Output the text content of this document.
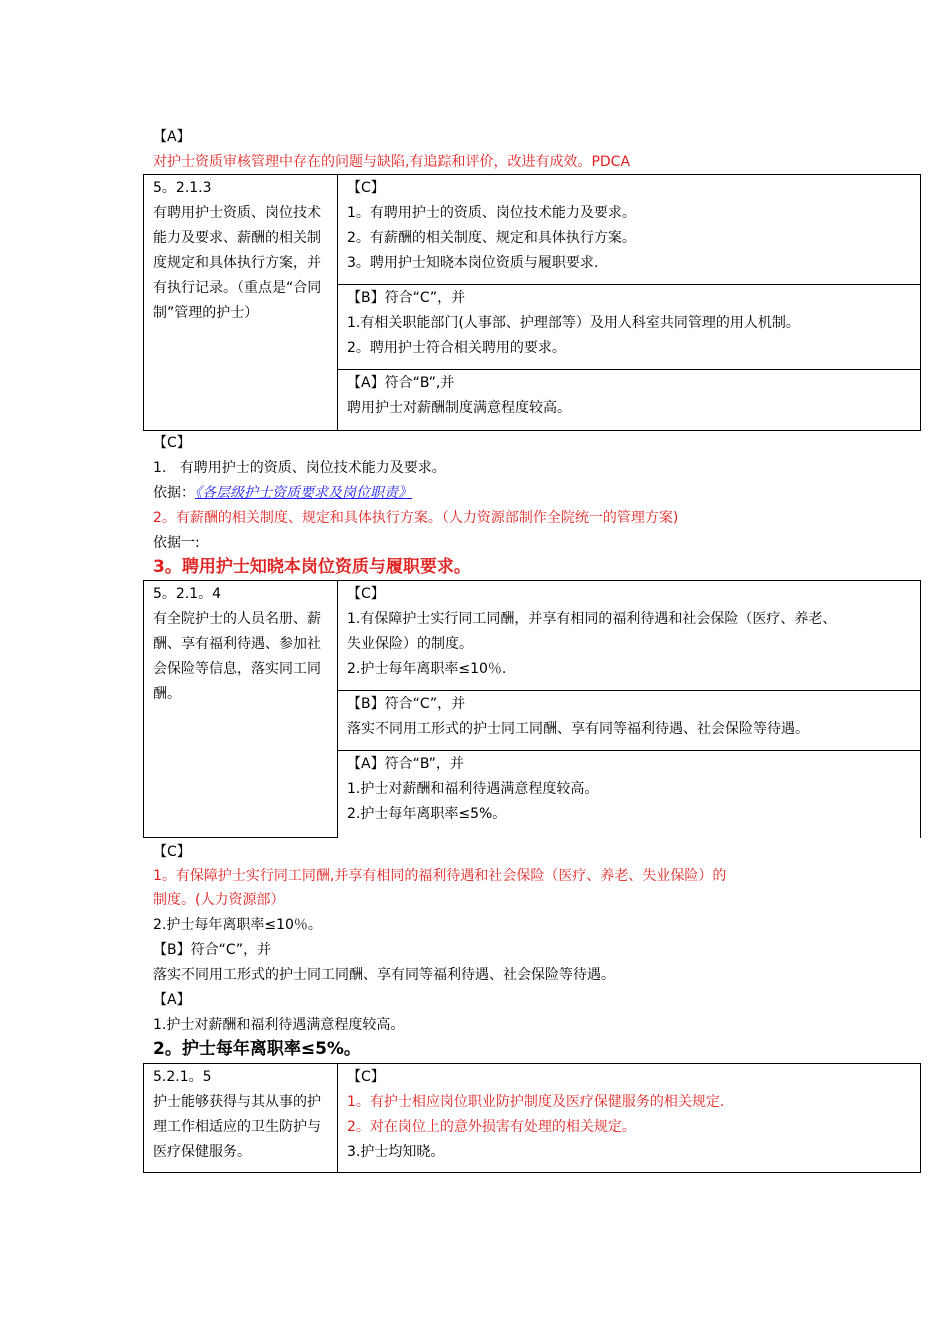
【A】
对护士资质审核管理中存在的问题与缺陷,有追踪和评价，改进有成效。PDCA
5。2.1.3
有聘用护士资质、岗位技术能力及要求、薪酬的相关制度规定和具体执行方案，并有执行记录。（重点是“合同制”管理的护士）
【C】
1。有聘用护士的资质、岗位技术能力及要求。
2。有薪酬的相关制度、规定和具体执行方案。
3。聘用护士知晓本岗位资质与履职要求.
【B】符合“C”，并
1.有相关职能部门(人事部、护理部等）及用人科室共同管理的用人机制。
2。聘用护士符合相关聘用的要求。
【A】符合“B”,并
聘用护士对薪酬制度满意程度较高。
【C】
1.   有聘用护士的资质、岗位技术能力及要求。
依据：《各层级护士资质要求及岗位职责》
2。有薪酬的相关制度、规定和具体执行方案。（人力资源部制作全院统一的管理方案)
依据一:
3。聘用护士知晓本岗位资质与履职要求。
5。2.1。4
有全院护士的人员名册、薪酬、享有福利待遇、参加社会保险等信息，落实同工同酬。
【C】
1.有保障护士实行同工同酬，并享有相同的福利待遇和社会保险（医疗、养老、
失业保险）的制度。
2.护士每年离职率≤10％.
【B】符合“C”，并
落实不同用工形式的护士同工同酬、享有同等福利待遇、社会保险等待遇。
【A】符合“B”，并
1.护士对薪酬和福利待遇满意程度较高。
2.护士每年离职率≤5%。
【C】
1。有保障护士实行同工同酬,并享有相同的福利待遇和社会保险（医疗、养老、失业保险）的
制度。(人力资源部）
2.护士每年离职率≤10％。
【B】符合“C”，并
落实不同用工形式的护士同工同酬、享有同等福利待遇、社会保险等待遇。
【A】
1.护士对薪酬和福利待遇满意程度较高。
2。护士每年离职率≤5%。
5.2.1。5
护士能够获得与其从事的护理工作相适应的卫生防护与医疗保健服务。
【C】
1。有护士相应岗位职业防护制度及医疗保健服务的相关规定.
2。对在岗位上的意外损害有处理的相关规定。
3.护士均知晓。
